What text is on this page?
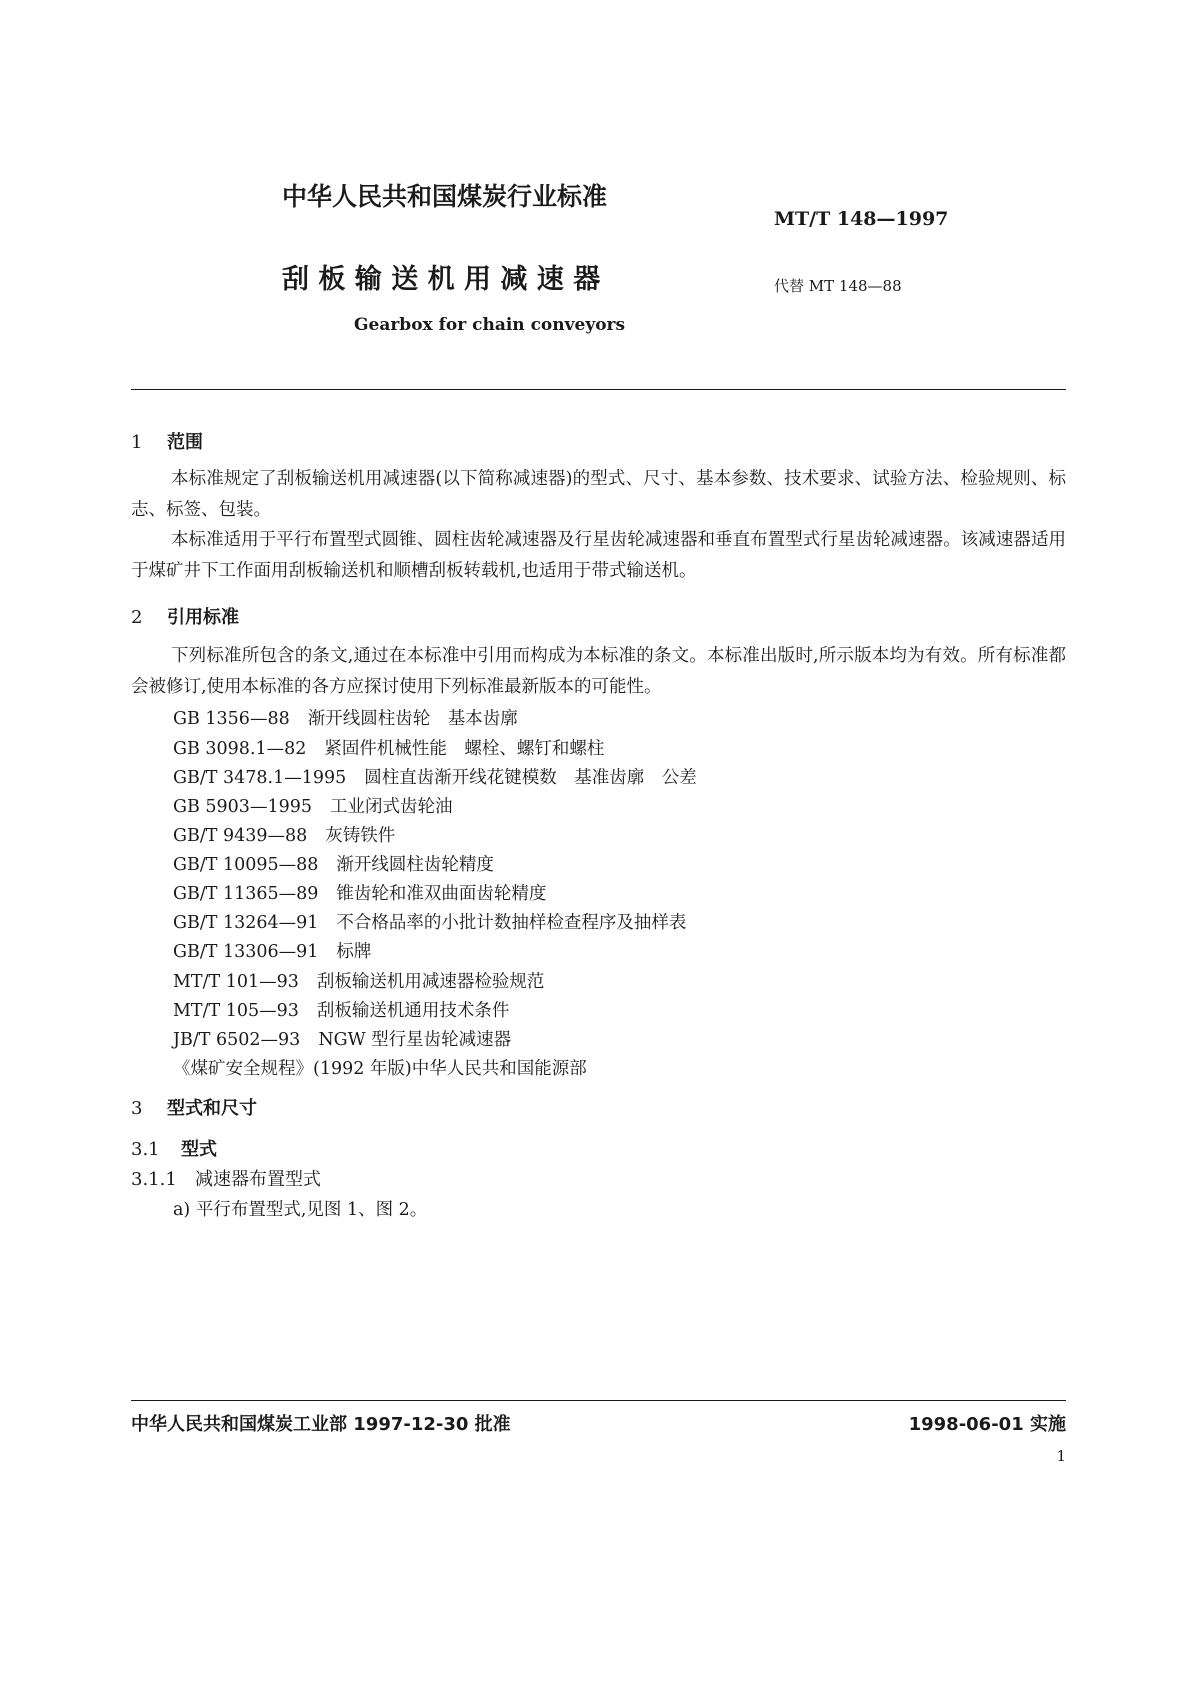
中华人民共和国煤炭行业标准
MT/T 148—1997
刮 板 输 送 机 用 减 速 器	代替 MT 148—88
Gearbox for chain conveyors
1 范围
本标准规定了刮板输送机用减速器(以下简称减速器)的型式、尺寸、基本参数、技术要求、试验方法、检验规则、标志、标签、包装。
本标准适用于平行布置型式圆锥、圆柱齿轮减速器及行星齿轮减速器和垂直布置型式行星齿轮减速器。该减速器适用于煤矿井下工作面用刮板输送机和顺槽刮板转载机,也适用于带式输送机。
2 引用标准
下列标准所包含的条文,通过在本标准中引用而构成为本标准的条文。本标准出版时,所示版本均为有效。所有标准都会被修订,使用本标准的各方应探讨使用下列标准最新版本的可能性。
GB 1356—88 渐开线圆柱齿轮　基本齿廓
GB 3098.1—82 紧固件机械性能　螺栓、螺钉和螺柱
GB/T 3478.1—1995 圆柱直齿渐开线花键模数　基准齿廓　公差
GB 5903—1995 工业闭式齿轮油
GB/T 9439—88 灰铸铁件
GB/T 10095—88 渐开线圆柱齿轮精度
GB/T 11365—89 锥齿轮和准双曲面齿轮精度
GB/T 13264—91 不合格品率的小批计数抽样检查程序及抽样表
GB/T 13306—91 标牌
MT/T 101—93 刮板输送机用减速器检验规范
MT/T 105—93 刮板输送机通用技术条件
JB/T 6502—93 NGW 型行星齿轮减速器
《煤矿安全规程》(1992 年版)中华人民共和国能源部
3 型式和尺寸
3.1 型式
3.1.1 减速器布置型式
a) 平行布置型式,见图 1、图 2。
中华人民共和国煤炭工业部 1997-12-30 批准	1998-06-01 实施
1
